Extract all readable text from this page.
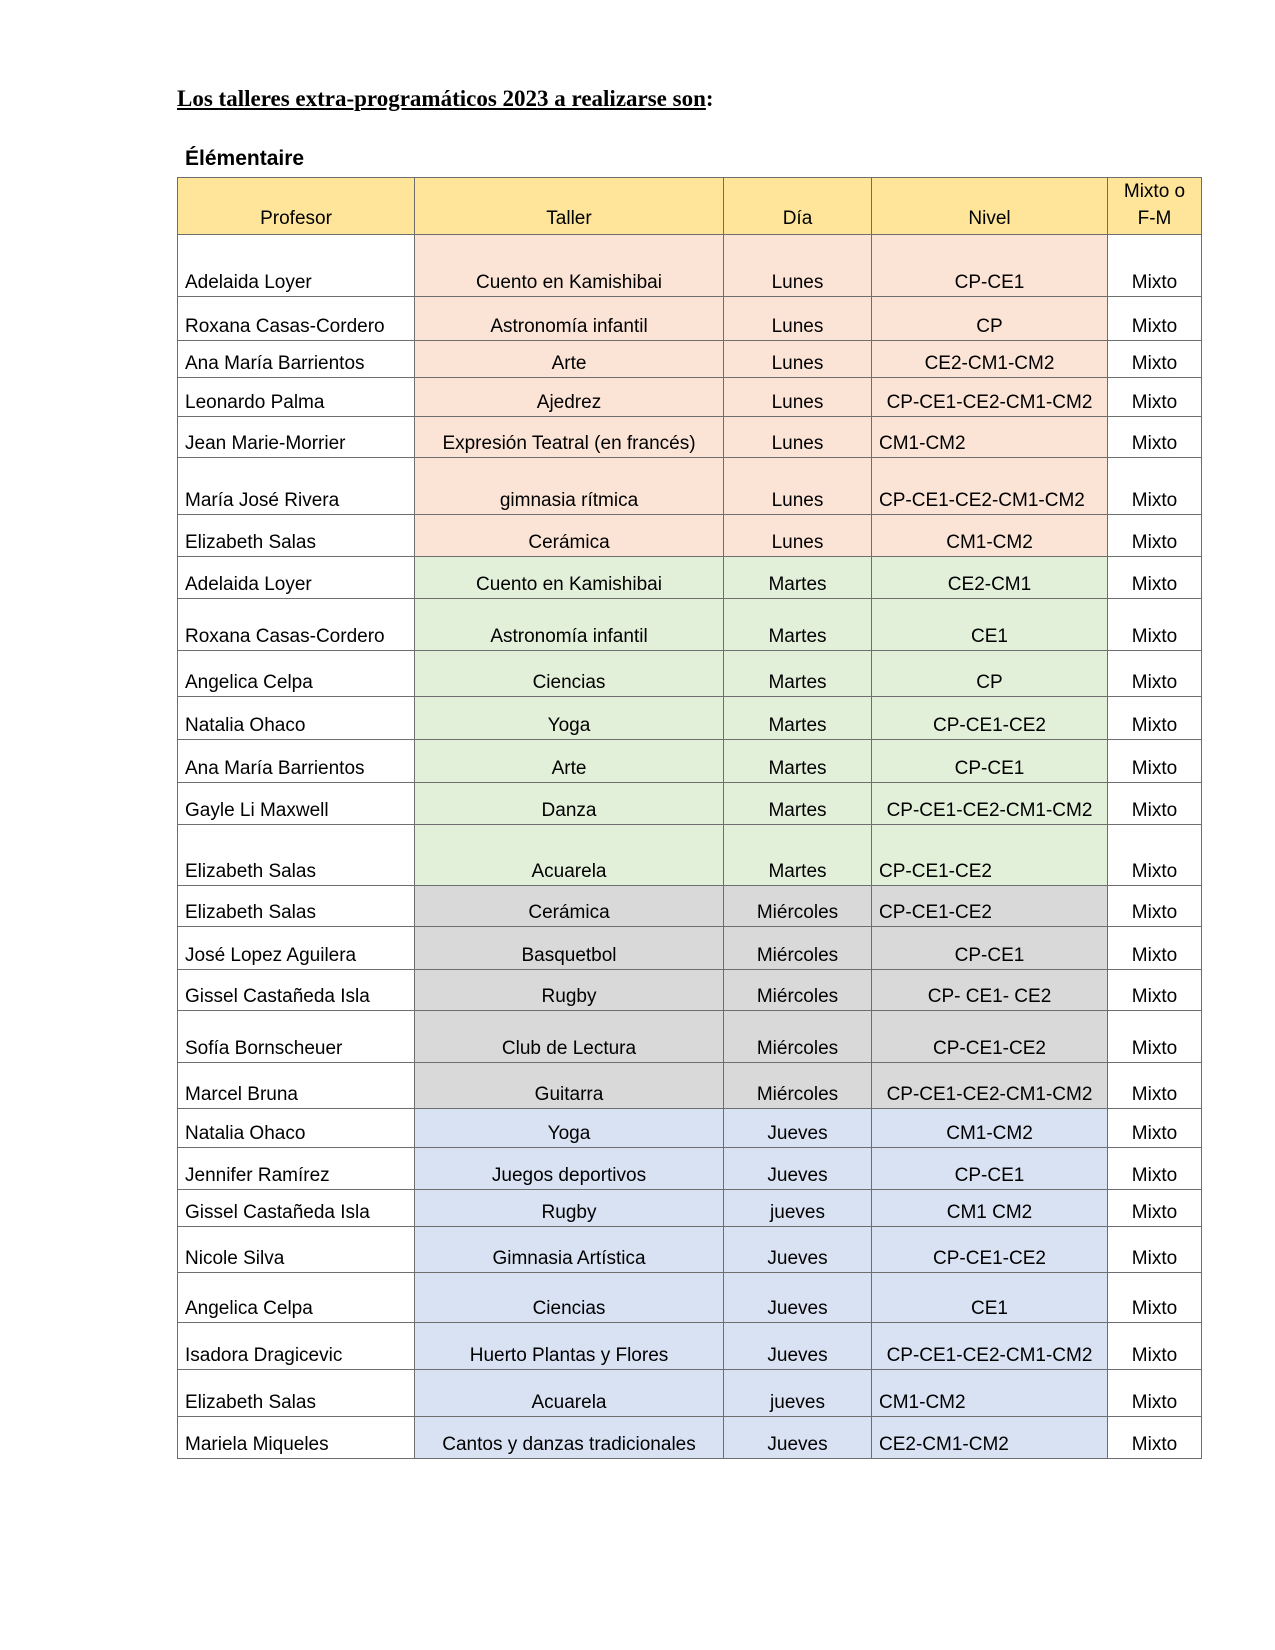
Los talleres extra-programáticos 2023 a realizarse son:
Élémentaire
Profesor	Taller	Día	Nivel	Mixto o
F-M
Adelaida Loyer	Cuento en Kamishibai	Lunes	CP-CE1	Mixto
Roxana Casas-Cordero	Astronomía infantil	Lunes	CP	Mixto
Ana María Barrientos	Arte	Lunes	CE2-CM1-CM2	Mixto
Leonardo Palma	Ajedrez	Lunes	CP-CE1-CE2-CM1-CM2	Mixto
Jean Marie-Morrier	Expresión Teatral (en francés)	Lunes	CM1-CM2	Mixto
María José Rivera	gimnasia rítmica	Lunes	CP-CE1-CE2-CM1-CM2	Mixto
Elizabeth Salas	Cerámica	Lunes	CM1-CM2	Mixto
Adelaida Loyer	Cuento en Kamishibai	Martes	CE2-CM1	Mixto
Roxana Casas-Cordero	Astronomía infantil	Martes	CE1	Mixto
Angelica Celpa	Ciencias	Martes	CP	Mixto
Natalia Ohaco	Yoga	Martes	CP-CE1-CE2	Mixto
Ana María Barrientos	Arte	Martes	CP-CE1	Mixto
Gayle Li Maxwell	Danza	Martes	CP-CE1-CE2-CM1-CM2	Mixto
Elizabeth Salas	Acuarela	Martes	CP-CE1-CE2	Mixto
Elizabeth Salas	Cerámica	Miércoles	CP-CE1-CE2	Mixto
José Lopez Aguilera	Basquetbol	Miércoles	CP-CE1	Mixto
Gissel Castañeda Isla	Rugby	Miércoles	CP- CE1- CE2	Mixto
Sofía Bornscheuer	Club de Lectura	Miércoles	CP-CE1-CE2	Mixto
Marcel Bruna	Guitarra	Miércoles	CP-CE1-CE2-CM1-CM2	Mixto
Natalia Ohaco	Yoga	Jueves	CM1-CM2	Mixto
Jennifer Ramírez	Juegos deportivos	Jueves	CP-CE1	Mixto
Gissel Castañeda Isla	Rugby	jueves	CM1 CM2	Mixto
Nicole Silva	Gimnasia Artística	Jueves	CP-CE1-CE2	Mixto
Angelica Celpa	Ciencias	Jueves	CE1	Mixto
Isadora Dragicevic	Huerto Plantas y Flores	Jueves	CP-CE1-CE2-CM1-CM2	Mixto
Elizabeth Salas	Acuarela	jueves	CM1-CM2	Mixto
Mariela Miqueles	Cantos y danzas tradicionales	Jueves	CE2-CM1-CM2	Mixto
